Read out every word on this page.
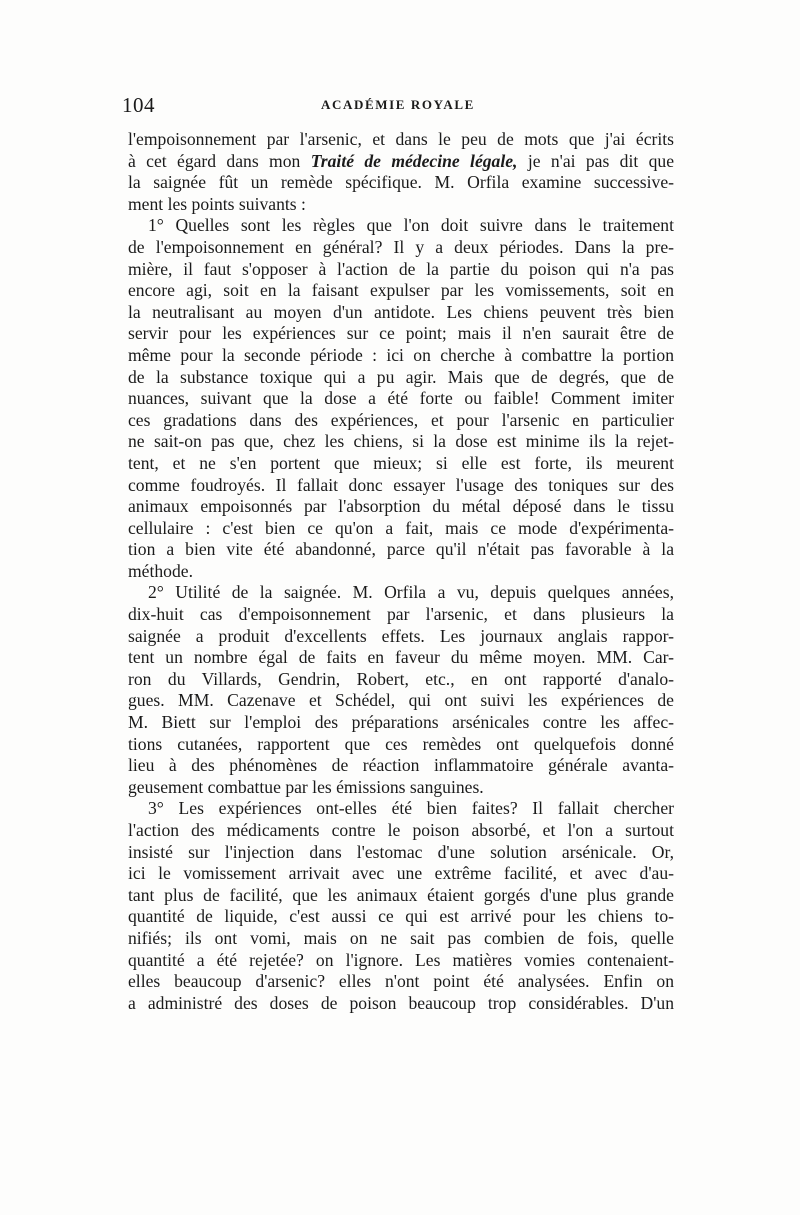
104	ACADÉMIE ROYALE
l'empoisonnement par l'arsenic, et dans le peu de mots que j'ai écrits
à cet égard dans mon Traité de médecine légale, je n'ai pas dit que
la saignée fût un remède spécifique. M. Orfila examine successive-
ment les points suivants :
1° Quelles sont les règles que l'on doit suivre dans le traitement
de l'empoisonnement en général? Il y a deux périodes. Dans la pre-
mière, il faut s'opposer à l'action de la partie du poison qui n'a pas
encore agi, soit en la faisant expulser par les vomissements, soit en
la neutralisant au moyen d'un antidote. Les chiens peuvent très bien
servir pour les expériences sur ce point; mais il n'en saurait être de
même pour la seconde période : ici on cherche à combattre la portion
de la substance toxique qui a pu agir. Mais que de degrés, que de
nuances, suivant que la dose a été forte ou faible! Comment imiter
ces gradations dans des expériences, et pour l'arsenic en particulier
ne sait-on pas que, chez les chiens, si la dose est minime ils la rejet-
tent, et ne s'en portent que mieux; si elle est forte, ils meurent
comme foudroyés. Il fallait donc essayer l'usage des toniques sur des
animaux empoisonnés par l'absorption du métal déposé dans le tissu
cellulaire : c'est bien ce qu'on a fait, mais ce mode d'expérimenta-
tion a bien vite été abandonné, parce qu'il n'était pas favorable à la
méthode.
2° Utilité de la saignée. M. Orfila a vu, depuis quelques années,
dix-huit cas d'empoisonnement par l'arsenic, et dans plusieurs la
saignée a produit d'excellents effets. Les journaux anglais rappor-
tent un nombre égal de faits en faveur du même moyen. MM. Car-
ron du Villards, Gendrin, Robert, etc., en ont rapporté d'analo-
gues. MM. Cazenave et Schédel, qui ont suivi les expériences de
M. Biett sur l'emploi des préparations arsénicales contre les affec-
tions cutanées, rapportent que ces remèdes ont quelquefois donné
lieu à des phénomènes de réaction inflammatoire générale avanta-
geusement combattue par les émissions sanguines.
3° Les expériences ont-elles été bien faites? Il fallait chercher
l'action des médicaments contre le poison absorbé, et l'on a surtout
insisté sur l'injection dans l'estomac d'une solution arsénicale. Or,
ici le vomissement arrivait avec une extrême facilité, et avec d'au-
tant plus de facilité, que les animaux étaient gorgés d'une plus grande
quantité de liquide, c'est aussi ce qui est arrivé pour les chiens to-
nifiés; ils ont vomi, mais on ne sait pas combien de fois, quelle
quantité a été rejetée? on l'ignore. Les matières vomies contenaient-
elles beaucoup d'arsenic? elles n'ont point été analysées. Enfin on
a administré des doses de poison beaucoup trop considérables. D'un
